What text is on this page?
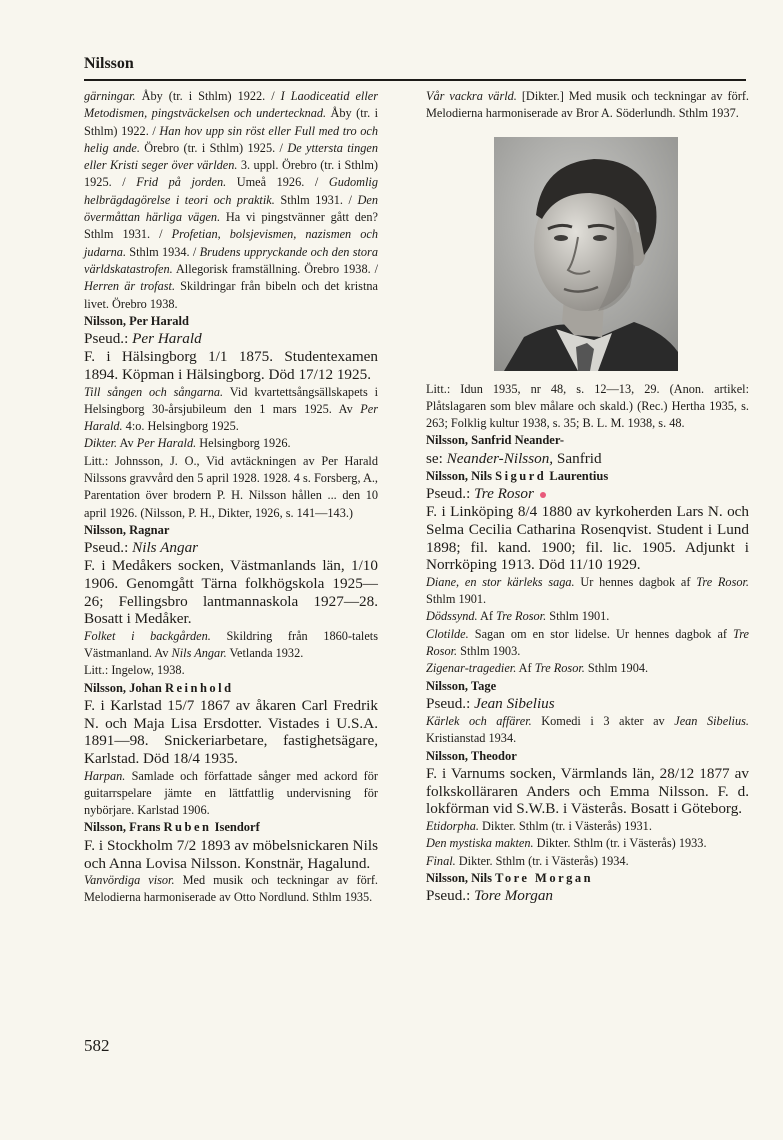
Nilsson

gärningar. Åby (tr. i Sthlm) 1922. / I Laodiceatid eller Metodismen, pingstväckelsen och undertecknad. Åby (tr. i Sthlm) 1922. / Han hov upp sin röst eller Full med tro och helig ande. Örebro (tr. i Sthlm) 1925. / De yttersta tingen eller Kristi seger över världen. 3. uppl. Örebro (tr. i Sthlm) 1925. / Frid på jorden. Umeå 1926. / Gudomlig helbrägdagörelse i teori och praktik. Sthlm 1931. / Den övermåttan härliga vägen. Ha vi pingstvänner gått den? Sthlm 1931. / Profetian, bolsjevismen, nazismen och judarna. Sthlm 1934. / Brudens uppryckande och den stora världskatastrofen. Allegorisk framställning. Örebro 1938. / Herren är trofast. Skildringar från bibeln och det kristna livet. Örebro 1938.

Nilsson, Per Harald

Pseud.: Per Harald

F. i Hälsingborg 1/1 1875. Studentexamen 1894. Köpman i Hälsingborg. Död 17/12 1925.

Till sången och sångarna. Vid kvartettsångsällskapets i Helsingborg 30-årsjubileum den 1 mars 1925. Av Per Harald. 4:o. Helsingborg 1925.

Dikter. Av Per Harald. Helsingborg 1926.

Litt.: Johnsson, J. O., Vid avtäckningen av Per Harald Nilssons gravvård den 5 april 1928. 1928. 4 s. Forsberg, A., Parentation över brodern P. H. Nilsson hållen ... den 10 april 1926. (Nilsson, P. H., Dikter, 1926, s. 141—143.)

Nilsson, Ragnar

Pseud.: Nils Angar

F. i Medåkers socken, Västmanlands län, 1/10 1906. Genomgått Tärna folkhögskola 1925—26; Fellingsbro lantmannaskola 1927—28. Bosatt i Medåker.

Folket i backgården. Skildring från 1860-talets Västmanland. Av Nils Angar. Vetlanda 1932.

Litt.: Ingelow, 1938.

Nilsson, Johan Reinhold

F. i Karlstad 15/7 1867 av åkaren Carl Fredrik N. och Maja Lisa Ersdotter. Vistades i U.S.A. 1891—98. Snickeriarbetare, fastighetsägare, Karlstad. Död 18/4 1935.

Harpan. Samlade och författade sånger med ackord för guitarrspelare jämte en lättfattlig undervisning för nybörjare. Karlstad 1906.

Nilsson, Frans Ruben Isendorf

F. i Stockholm 7/2 1893 av möbelsnickaren Nils och Anna Lovisa Nilsson. Konstnär, Hagalund.

Vanvördiga visor. Med musik och teckningar av förf. Melodierna harmoniserade av Otto Nordlund. Sthlm 1935.

Vår vackra värld. [Dikter.] Med musik och teckningar av förf. Melodierna harmoniserade av Bror A. Söderlundh. Sthlm 1937.

Litt.: Idun 1935, nr 48, s. 12—13, 29. (Anon. artikel: Plåtslagaren som blev målare och skald.) (Rec.) Hertha 1935, s. 263; Folklig kultur 1938, s. 35; B. L. M. 1938, s. 48.

Nilsson, Sanfrid Neander-

se: Neander-Nilsson, Sanfrid

Nilsson, Nils Sigurd Laurentius

Pseud.: Tre Rosor

F. i Linköping 8/4 1880 av kyrkoherden Lars N. och Selma Cecilia Catharina Rosenqvist. Student i Lund 1898; fil. kand. 1900; fil. lic. 1905. Adjunkt i Norrköping 1913. Död 11/10 1929.

Diane, en stor kärleks saga. Ur hennes dagbok af Tre Rosor. Sthlm 1901.

Dödssynd. Af Tre Rosor. Sthlm 1901.

Clotilde. Sagan om en stor lidelse. Ur hennes dagbok af Tre Rosor. Sthlm 1903.

Zigenar-tragedier. Af Tre Rosor. Sthlm 1904.

Nilsson, Tage

Pseud.: Jean Sibelius

Kärlek och affärer. Komedi i 3 akter av Jean Sibelius. Kristianstad 1934.

Nilsson, Theodor

F. i Varnums socken, Värmlands län, 28/12 1877 av folkskolläraren Anders och Emma Nilsson. F. d. lokförman vid S.W.B. i Västerås. Bosatt i Göteborg.

Etidorpha. Dikter. Sthlm (tr. i Västerås) 1931.

Den mystiska makten. Dikter. Sthlm (tr. i Västerås) 1933.

Final. Dikter. Sthlm (tr. i Västerås) 1934.

Nilsson, Nils Tore Morgan

Pseud.: Tore Morgan

582
